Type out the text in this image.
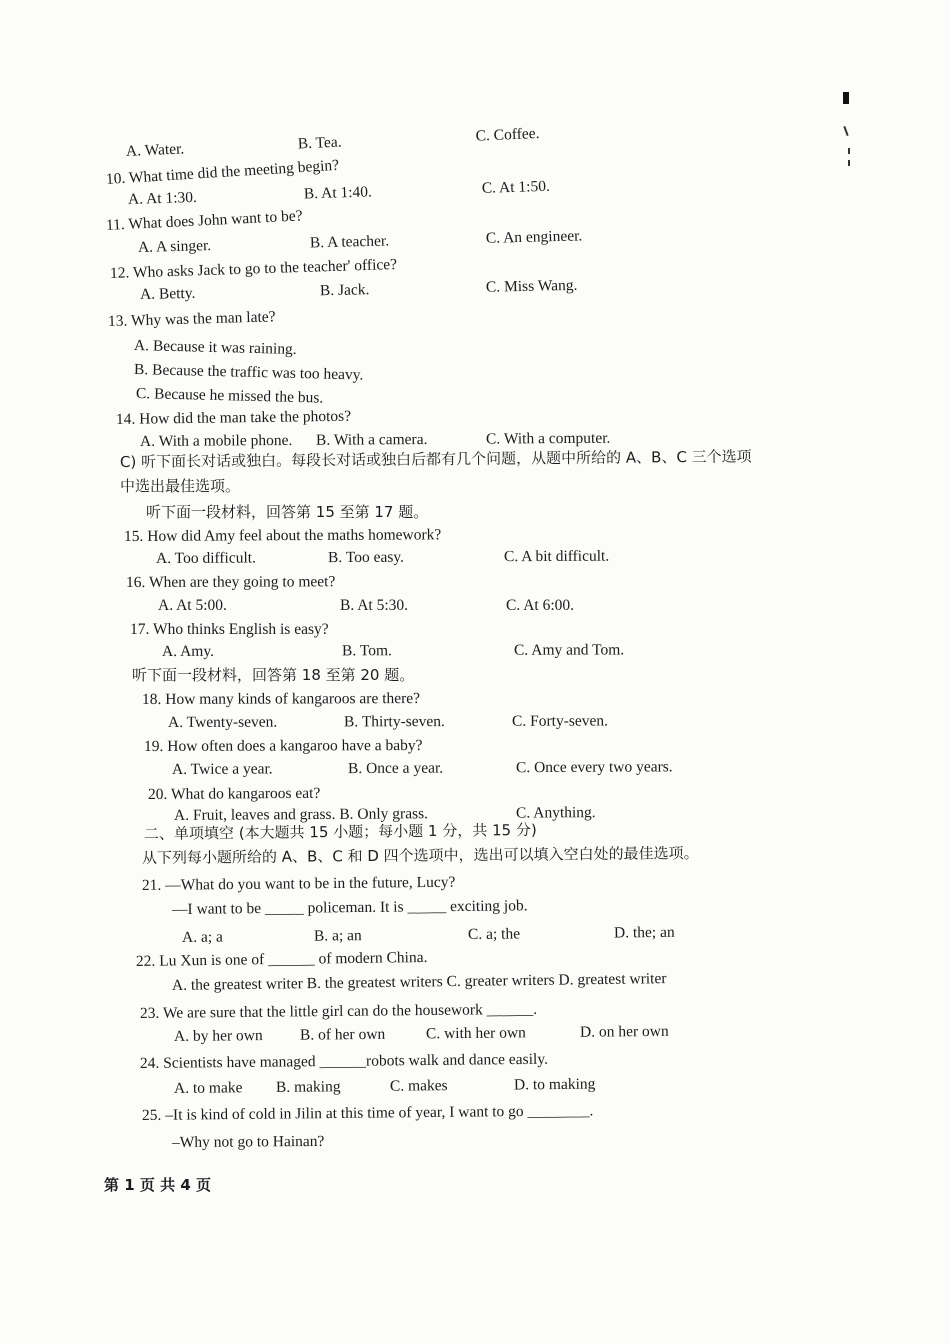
A. Water.	B. Tea.	C. Coffee.
10. What time did the meeting begin?
A. At 1:30.	B. At 1:40.	C. At 1:50.
11. What does John want to be?
A. A singer.	B. A teacher.	C. An engineer.
12. Who asks Jack to go to the teacher' office?
A. Betty.	B. Jack.	C. Miss Wang.
13. Why was the man late?
A. Because it was raining.
B. Because the traffic was too heavy.
C. Because he missed the bus.
14. How did the man take the photos?
A. With a mobile phone. B. With a camera.	C. With a computer.
C) 听下面长对话或独白。每段长对话或独白后都有几个问题，从题中所给的 A、B、C 三个选项
中选出最佳选项。
听下面一段材料，回答第 15 至第 17 题。
15. How did Amy feel about the maths homework?
A. Too difficult.	B. Too easy.	C. A bit difficult.
16. When are they going to meet?
A. At 5:00.	B. At 5:30.	C. At 6:00.
17. Who thinks English is easy?
A. Amy.	B. Tom.	C. Amy and Tom.
听下面一段材料，回答第 18 至第 20 题。
18. How many kinds of kangaroos are there?
A. Twenty-seven.	B. Thirty-seven.	C. Forty-seven.
19. How often does a kangaroo have a baby?
A. Twice a year.	B. Once a year.	C. Once every two years.
20. What do kangaroos eat?
A. Fruit, leaves and grass. B. Only grass.	C. Anything.
二、单项填空 (本大题共 15 小题；每小题 1 分，共 15 分)
从下列每小题所给的 A、B、C 和 D 四个选项中，选出可以填入空白处的最佳选项。
21. —What do you want to be in the future, Lucy?
—I want to be _____ policeman. It is _____ exciting job.
A. a; a	B. a; an	C. a; the	D. the; an
22. Lu Xun is one of ______ of modern China.
A. the greatest writer B. the greatest writers C. greater writers D. greatest writer
23. We are sure that the little girl can do the housework ______.
A. by her own B. of her own	C. with her own	D. on her own
24. Scientists have managed ______robots walk and dance easily.
A. to make B. making	C. makes	D. to making
25. –It is kind of cold in Jilin at this time of year, I want to go ________.
–Why not go to Hainan?
第 1 页 共 4 页
